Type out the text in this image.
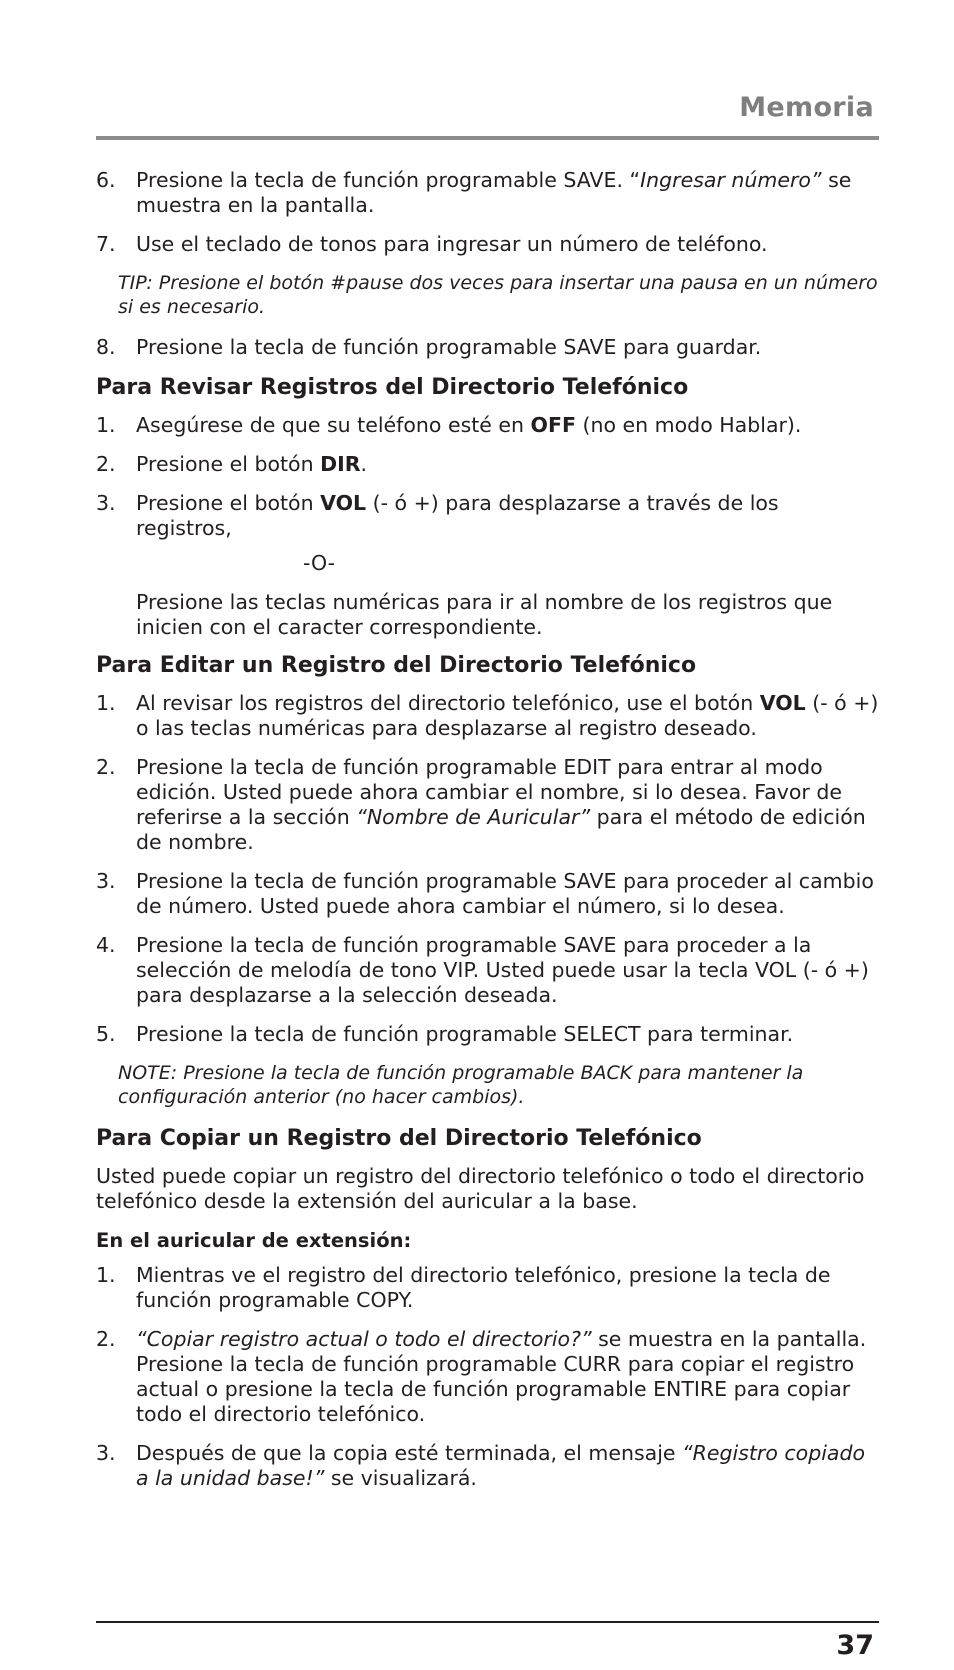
Memoria
6. Presione la tecla de función programable SAVE. “Ingresar número” se muestra en la pantalla.
7. Use el teclado de tonos para ingresar un número de teléfono.
TIP: Presione el botón #pause dos veces para insertar una pausa en un número si es necesario.
8. Presione la tecla de función programable SAVE para guardar.
Para Revisar Registros del Directorio Telefónico
1. Asegúrese de que su teléfono esté en OFF (no en modo Hablar).
2. Presione el botón DIR.
3. Presione el botón VOL (- ó +) para desplazarse a través de los registros,
-O-
Presione las teclas numéricas para ir al nombre de los registros que inicien con el caracter correspondiente.
Para Editar un Registro del Directorio Telefónico
1. Al revisar los registros del directorio telefónico, use el botón VOL (- ó +) o las teclas numéricas para desplazarse al registro deseado.
2. Presione la tecla de función programable EDIT para entrar al modo edición. Usted puede ahora cambiar el nombre, si lo desea. Favor de referirse a la sección “Nombre de Auricular” para el método de edición de nombre.
3. Presione la tecla de función programable SAVE para proceder al cambio de número. Usted puede ahora cambiar el número, si lo desea.
4. Presione la tecla de función programable SAVE para proceder a la selección de melodía de tono VIP. Usted puede usar la tecla VOL (- ó +) para desplazarse a la selección deseada.
5. Presione la tecla de función programable SELECT para terminar.
NOTE: Presione la tecla de función programable BACK para mantener la configuración anterior (no hacer cambios).
Para Copiar un Registro del Directorio Telefónico
Usted puede copiar un registro del directorio telefónico o todo el directorio telefónico desde la extensión del auricular a la base.
En el auricular de extensión:
1. Mientras ve el registro del directorio telefónico, presione la tecla de función programable COPY.
2. “Copiar registro actual o todo el directorio?” se muestra en la pantalla. Presione la tecla de función programable CURR para copiar el registro actual o presione la tecla de función programable ENTIRE para copiar todo el directorio telefónico.
3. Después de que la copia esté terminada, el mensaje “Registro copiado a la unidad base!” se visualizará.
37
